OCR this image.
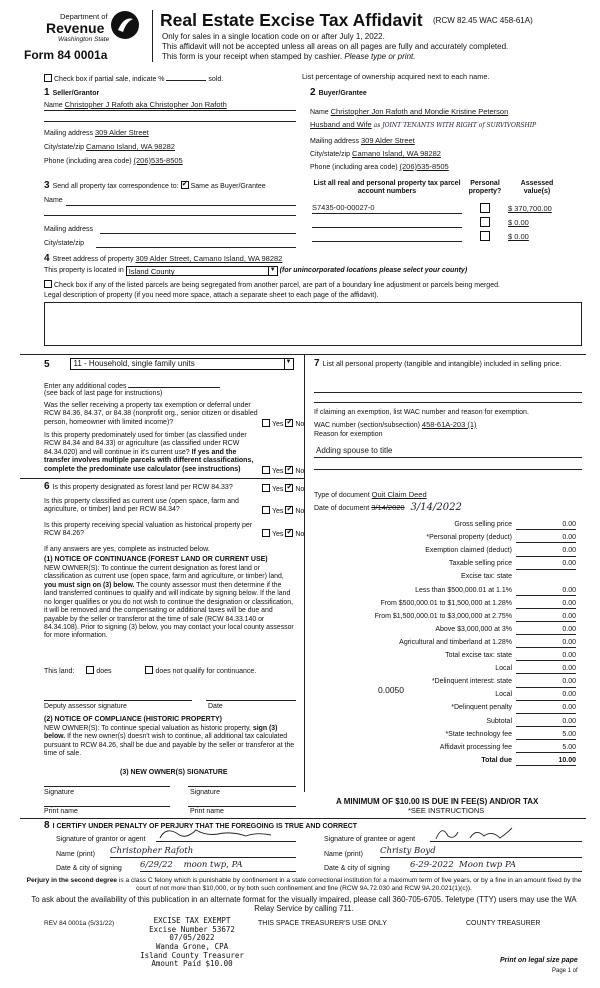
Department of
Revenue
Washington State
Form 84 0001a
Real Estate Excise Tax Affidavit (RCW 82.45 WAC 458-61A)
Only for sales in a single location code on or after July 1, 2022.
This affidavit will not be accepted unless all areas on all pages are fully and accurately completed.
This form is your receipt when stamped by cashier. Please type or print.
Check box if partial sale, indicate %	sold.	List percentage of ownership acquired next to each name.
1 Seller/Grantor
Name Christopher J Rafoth aka Christopher Jon Rafoth
Mailing address 309 Alder Street
City/state/zip Camano Island, WA 98282
Phone (including area code) (206)535-8505
2 Buyer/Grantee
Name Christopher Jon Rafoth and Mondie Kristine Peterson
Husband and Wife as JOINT TENANTS WITH RIGHT of SURVIVORSHIP
Mailing address 309 Alder Street
City/state/zip Camano Island, WA 98282
Phone (including area code) (206)535-8505
3 Send all property tax correspondence to: ✓ Same as Buyer/Grantee
Name
Mailing address
City/state/zip
List all real and personal property tax parcel account numbers
Personal property?
Assessed value(s)
S7435-00-00027-0	$ 370,700.00
$ 0.00
$ 0.00
4 Street address of property 309 Alder Street, Camano Island, WA 98282
This property is located in Island County	▼ (for unincorporated locations please select your county)
Check box if any of the listed parcels are being segregated from another parcel, are part of a boundary line adjustment or parcels being merged.
Legal description of property (if you need more space, attach a separate sheet to each page of the affidavit).
5	11 - Household, single family units	▼
Enter any additional codes
(see back of last page for instructions)
Was the seller receiving a property tax exemption or deferral under RCW 84.36, 84.37, or 84.38 (nonprofit org., senior citizen or disabled person, homeowner with limited income)?	Yes ✓ No
Is this property predominately used for timber (as classified under RCW 84.34 and 84.33) or agriculture (as classified under RCW 84.34.020) and will continue in it's current use? If yes and the transfer involves multiple parcels with different classifications, complete the predominate use calculator (see instructions)	Yes ✓ No
6 Is this property designated as forest land per RCW 84.33?	Yes ✓ No
Is this property classified as current use (open space, farm and agriculture, or timber) land per RCW 84.34?	Yes ✓ No
Is this property receiving special valuation as historical property per RCW 84.26?	Yes ✓ No
If any answers are yes, complete as instructed below.
(1) NOTICE OF CONTINUANCE (FOREST LAND OR CURRENT USE)
NEW OWNER(S): To continue the current designation as forest land or classification as current use (open space, farm and agriculture, or timber) land, you must sign on (3) below. The county assessor must then determine if the land transferred continues to qualify and will indicate by signing below. If the land no longer qualifies or you do not wish to continue the designation or classification, it will be removed and the compensating or additional taxes will be due and payable by the seller or transferor at the time of sale (RCW 84.33.140 or 84.34.108). Prior to signing (3) below, you may contact your local county assessor for more information.
This land:	does	does not qualify for continuance.
Deputy assessor signature	Date
(2) NOTICE OF COMPLIANCE (HISTORIC PROPERTY)
NEW OWNER(S): To continue special valuation as historic property, sign (3) below. If the new owner(s) doesn't wish to continue, all additional tax calculated pursuant to RCW 84.26, shall be due and payable by the seller or transferor at the time of sale.
(3) NEW OWNER(S) SIGNATURE
Signature	Signature
Print name	Print name
7 List all personal property (tangible and intangible) included in selling price.
If claiming an exemption, list WAC number and reason for exemption.
WAC number (section/subsection) 458-61A-203 (1)
Reason for exemption
Adding spouse to title
Type of document Quit Claim Deed
Date of document 3/14/2020 3/14/2022
Gross selling price	0.00
*Personal property (deduct)	0.00
Exemption claimed (deduct)	0.00
Taxable selling price	0.00
Excise tax: state
Less than $500,000.01 at 1.1%	0.00
From $500,000.01 to $1,500,000 at 1.28%	0.00
From $1,500,000.01 to $3,000,000 at 2.75%	0.00
Above $3,000,000 at 3%	0.00
Agricultural and timberland at 1.28%	0.00
Total excise tax: state	0.00
Local	0.00
*Delinquent interest: state	0.00
Local	0.00
*Delinquent penalty	0.00
Subtotal	0.00
*State technology fee	5.00
Affidavit processing fee	5.00
Total due	10.00
0.0050
A MINIMUM OF $10.00 IS DUE IN FEE(S) AND/OR TAX
*SEE INSTRUCTIONS
8 I CERTIFY UNDER PENALTY OF PERJURY THAT THE FOREGOING IS TRUE AND CORRECT
Signature of grantor or agent
Name (print) Christopher Rafoth
Date & city of signing 6/29/22    moon twp, PA
Signature of grantee or agent
Name (print) Christy Boyd
Date & city of signing 6-29-2022  Moon twp PA
Perjury in the second degree is a class C felony which is punishable by confinement in a state correctional institution for a maximum term of five years, or by a fine in an amount fixed by the court of not more than $10,000, or by both such confinement and fine (RCW 9A.72.030 and RCW 9A.20.021(1)(c)).
To ask about the availability of this publication in an alternate format for the visually impaired, please call 360-705-6705. Teletype (TTY) users may use the WA Relay Service by calling 711.
REV 84 0001a (5/31/22)	EXCISE TAX EXEMPT
Excise Number 53672
07/05/2022
Wanda Grone, CPA
Island County Treasurer
Amount Paid $10.00
THIS SPACE TREASURER'S USE ONLY	COUNTY TREASURER
Print on legal size pape
Page 1 of
